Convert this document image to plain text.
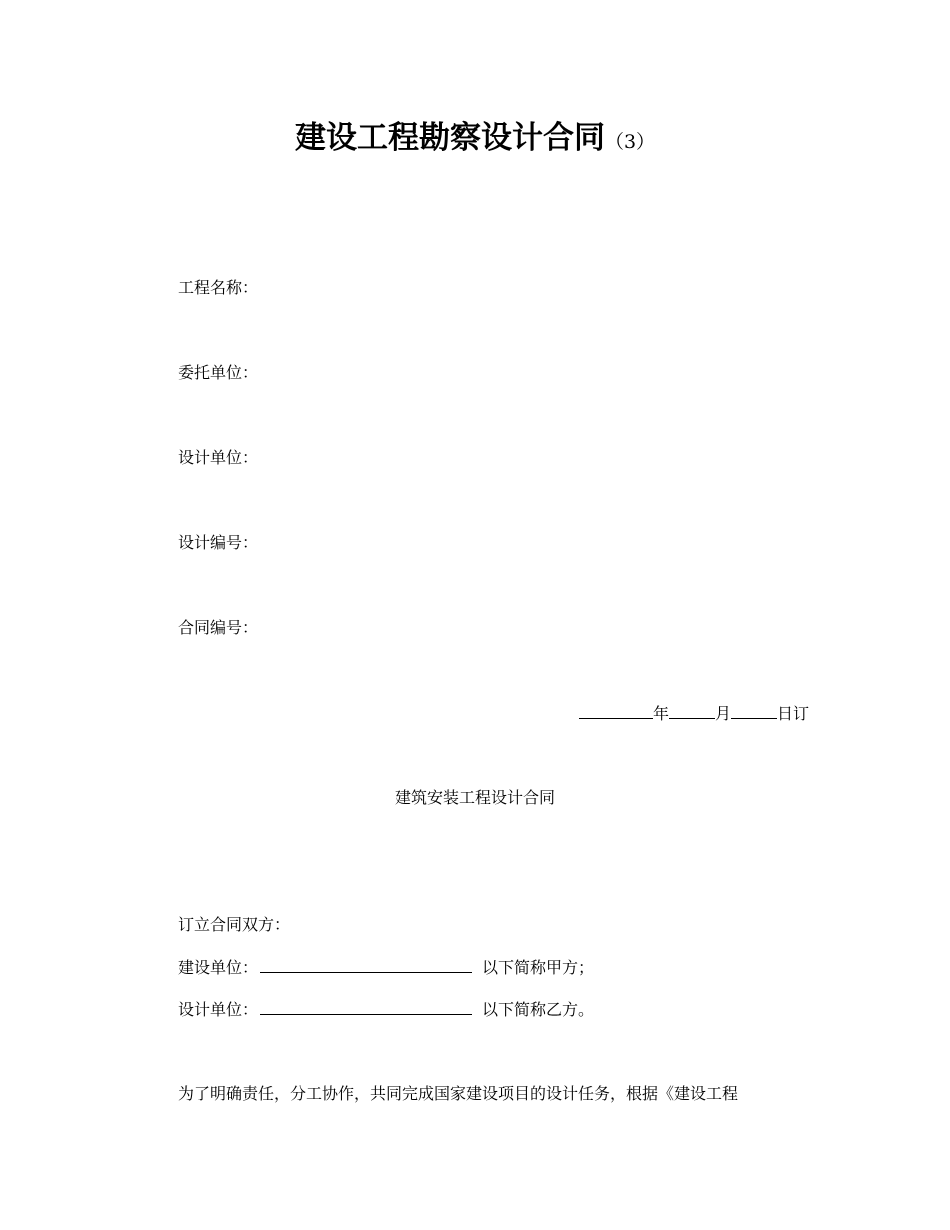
建设工程勘察设计合同（3）
工程名称：
委托单位：
设计单位：
设计编号：
合同编号：
年	月	日订
建筑安装工程设计合同
订立合同双方：
建设单位：	以下简称甲方；
设计单位：	以下简称乙方。
为了明确责任，分工协作，共同完成国家建设项目的设计任务，根据《建设工程
